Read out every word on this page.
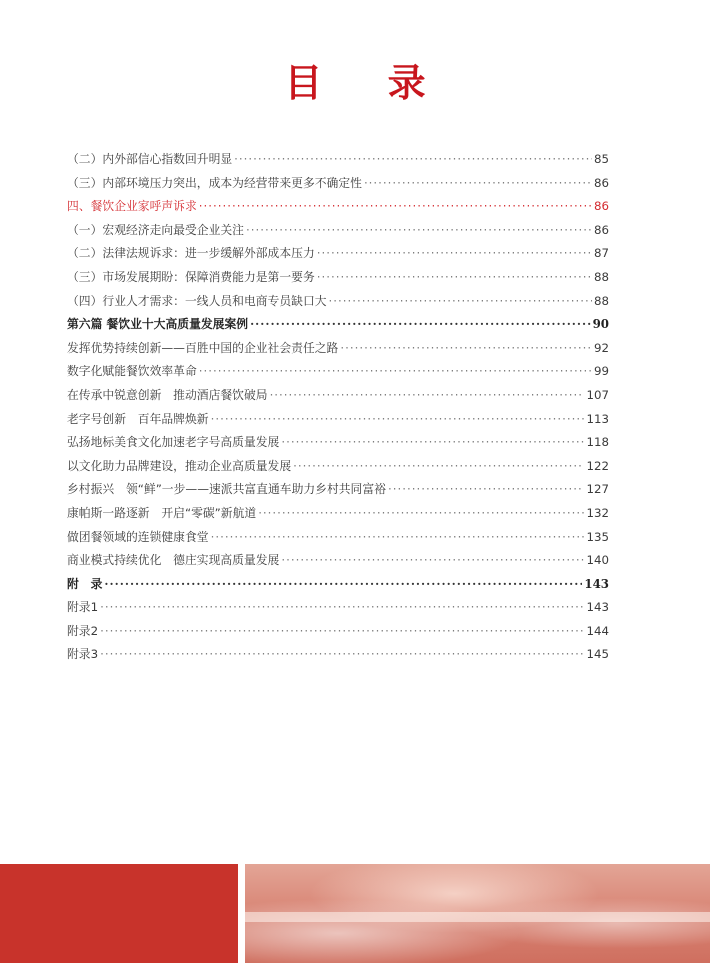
目 录
（二）内外部信心指数回升明显 ·····	85
（三）内部环境压力突出，成本为经营带来更多不确定性 ·····	86
四、餐饮企业家呼声诉求 ·····	86
（一）宏观经济走向最受企业关注 ·····	86
（二）法律法规诉求：进一步缓解外部成本压力 ·····	87
（三）市场发展期盼：保障消费能力是第一要务 ·····	88
（四）行业人才需求：一线人员和电商专员缺口大 ·····	88
第六篇 餐饮业十大高质量发展案例 ·····	90
发挥优势持续创新——百胜中国的企业社会责任之路 ·····	92
数字化赋能餐饮效率革命 ·····	99
在传承中锐意创新　推动酒店餐饮破局 ·····	107
老字号创新　百年品牌焕新 ·····	113
弘扬地标美食文化加速老字号高质量发展 ·····	118
以文化助力品牌建设，推动企业高质量发展 ·····	122
乡村振兴　领“鲜”一步——速派共富直通车助力乡村共同富裕 ·····	127
康帕斯一路逐新　开启“零碳”新航道 ·····	132
做团餐领域的连锁健康食堂 ·····	135
商业模式持续优化　德庄实现高质量发展 ·····	140
附　录 ·····	143
附录1 ·····	143
附录2 ·····	144
附录3 ·····	145
